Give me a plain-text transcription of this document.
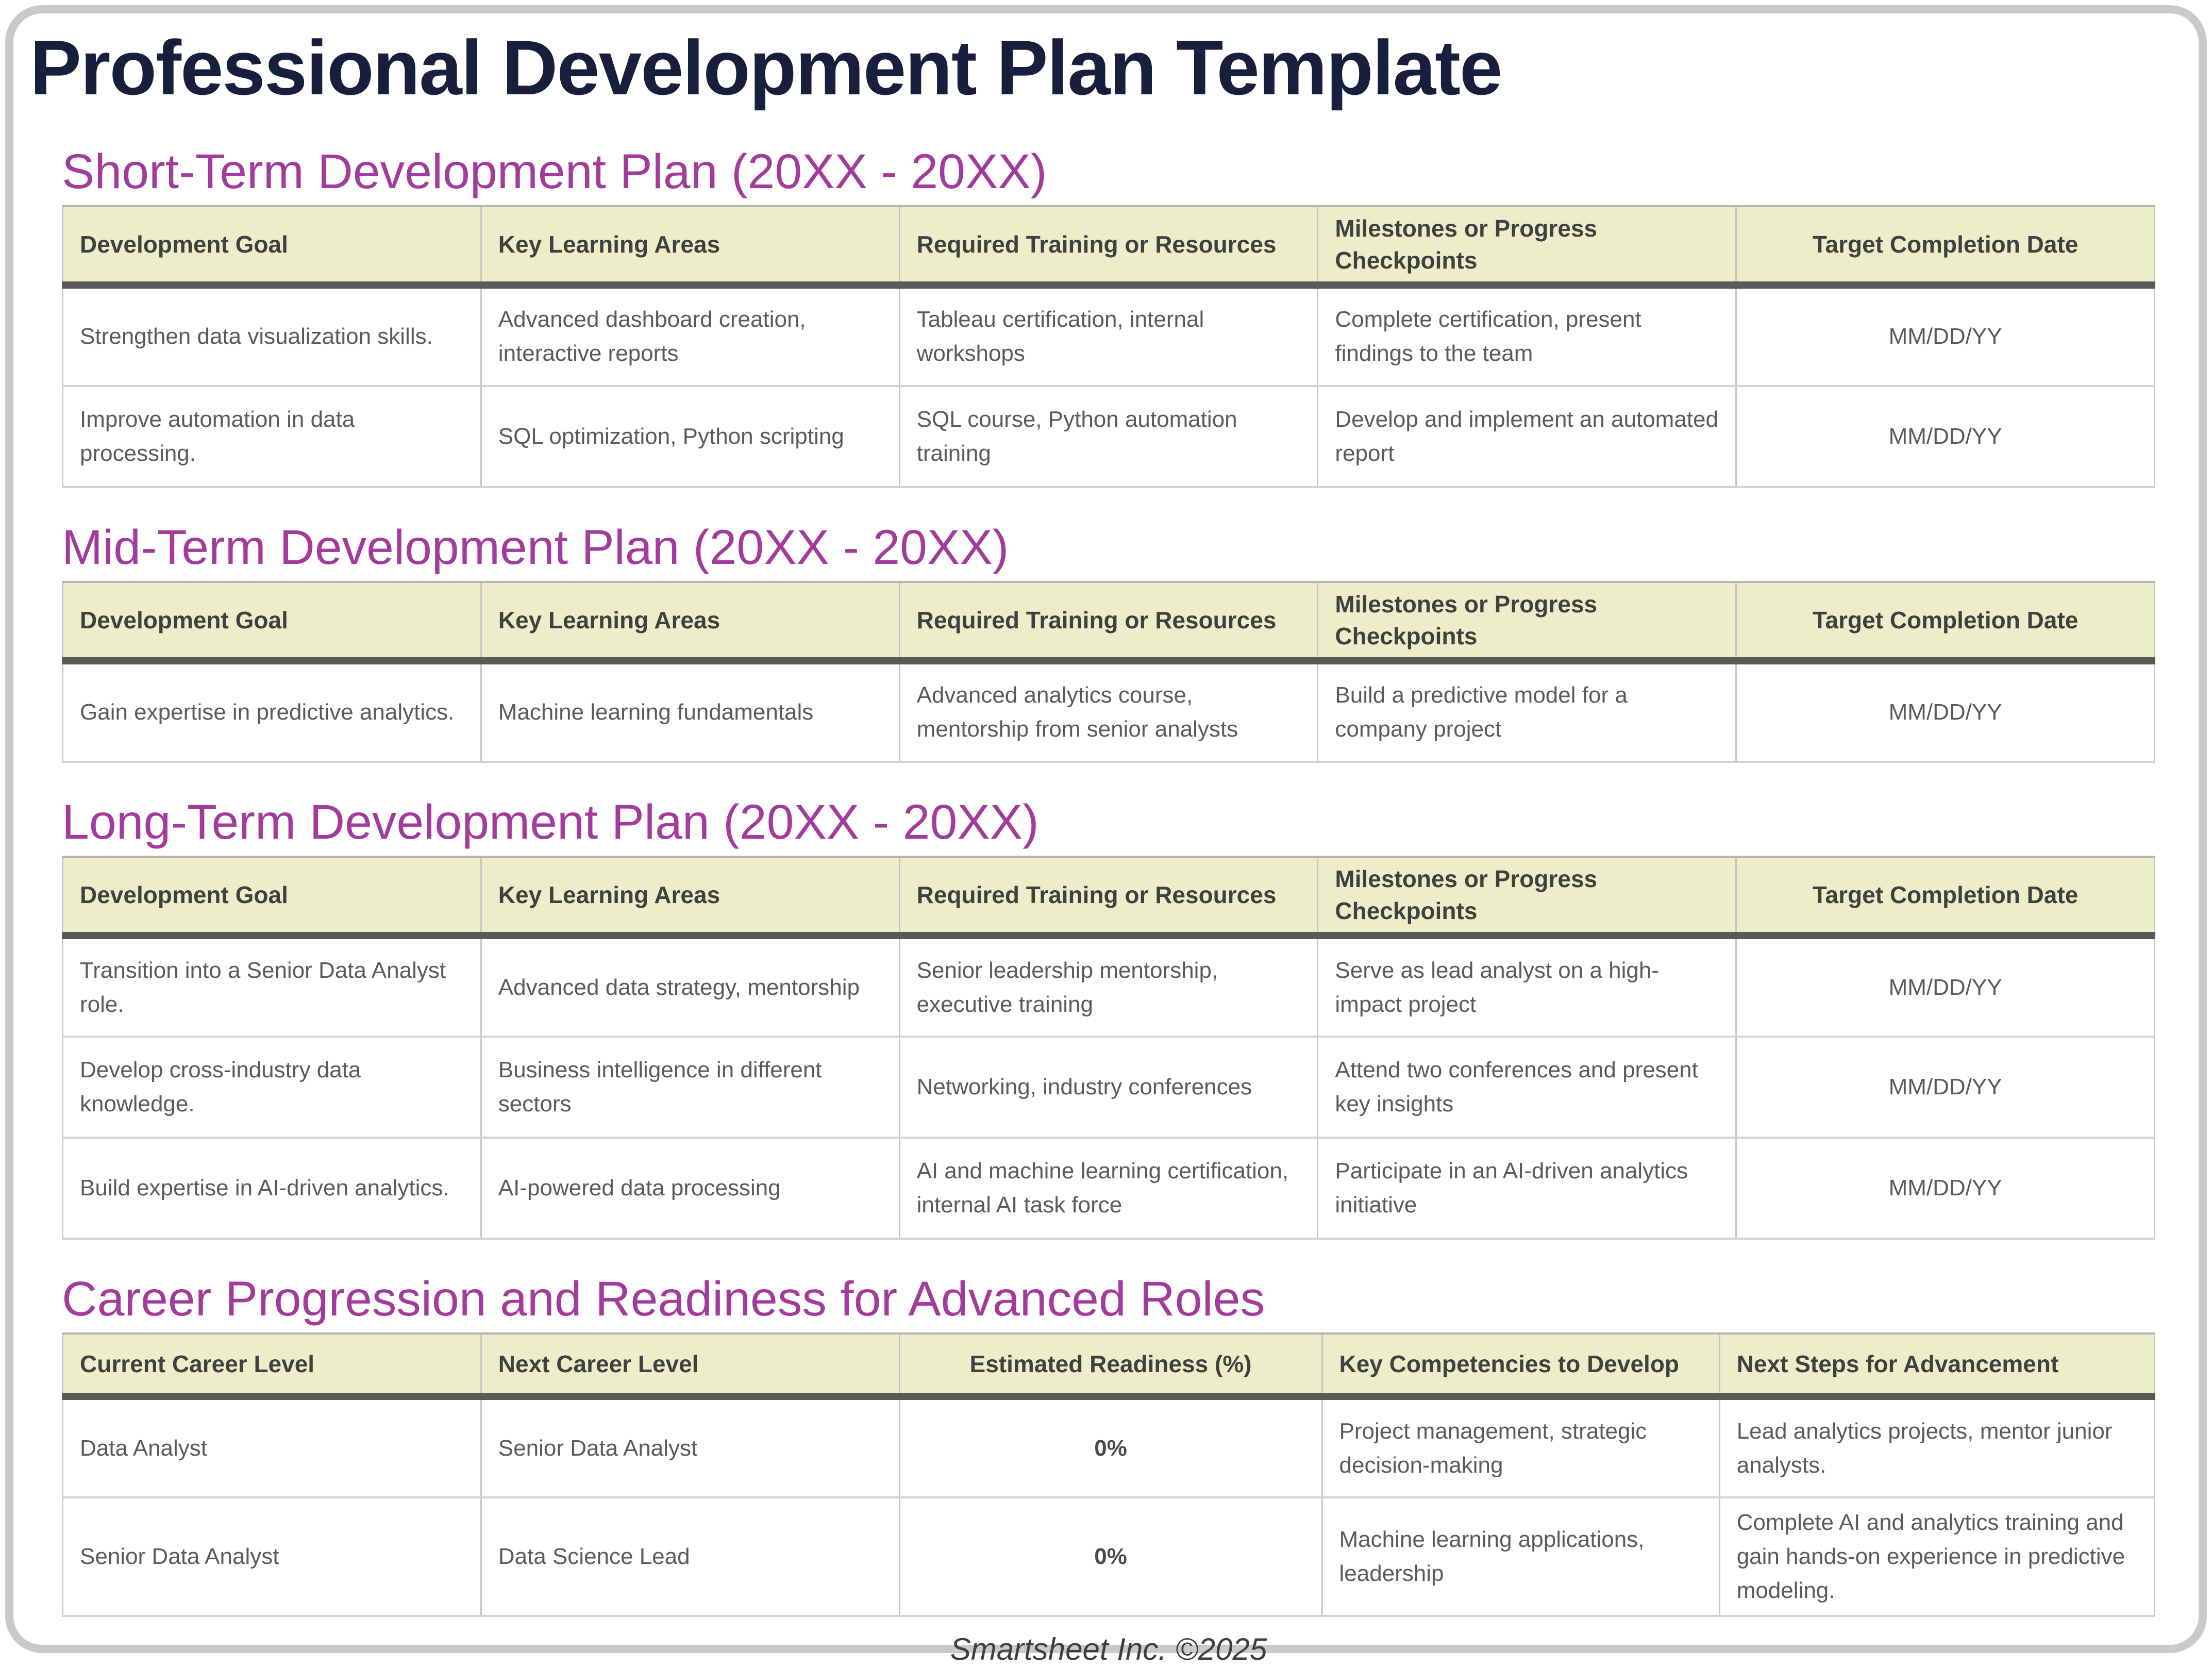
Professional Development Plan Template
Short-Term Development Plan (20XX - 20XX)
Development Goal	Key Learning Areas	Required Training or Resources	Milestones or Progress Checkpoints	Target Completion Date
Strengthen data visualization skills.	Advanced dashboard creation, interactive reports	Tableau certification, internal workshops	Complete certification, present findings to the team	MM/DD/YY
Improve automation in data processing.	SQL optimization, Python scripting	SQL course, Python automation training	Develop and implement an automated report	MM/DD/YY
Mid-Term Development Plan (20XX - 20XX)
Development Goal	Key Learning Areas	Required Training or Resources	Milestones or Progress Checkpoints	Target Completion Date
Gain expertise in predictive analytics.	Machine learning fundamentals	Advanced analytics course, mentorship from senior analysts	Build a predictive model for a company project	MM/DD/YY
Long-Term Development Plan (20XX - 20XX)
Development Goal	Key Learning Areas	Required Training or Resources	Milestones or Progress Checkpoints	Target Completion Date
Transition into a Senior Data Analyst role.	Advanced data strategy, mentorship	Senior leadership mentorship, executive training	Serve as lead analyst on a high-impact project	MM/DD/YY
Develop cross-industry data knowledge.	Business intelligence in different sectors	Networking, industry conferences	Attend two conferences and present key insights	MM/DD/YY
Build expertise in AI-driven analytics.	AI-powered data processing	AI and machine learning certification, internal AI task force	Participate in an AI-driven analytics initiative	MM/DD/YY
Career Progression and Readiness for Advanced Roles
Current Career Level	Next Career Level	Estimated Readiness (%)	Key Competencies to Develop	Next Steps for Advancement
Data Analyst	Senior Data Analyst	0%	Project management, strategic decision-making	Lead analytics projects, mentor junior analysts.
Senior Data Analyst	Data Science Lead	0%	Machine learning applications, leadership	Complete AI and analytics training and gain hands-on experience in predictive modeling.
Smartsheet Inc. ©2025
